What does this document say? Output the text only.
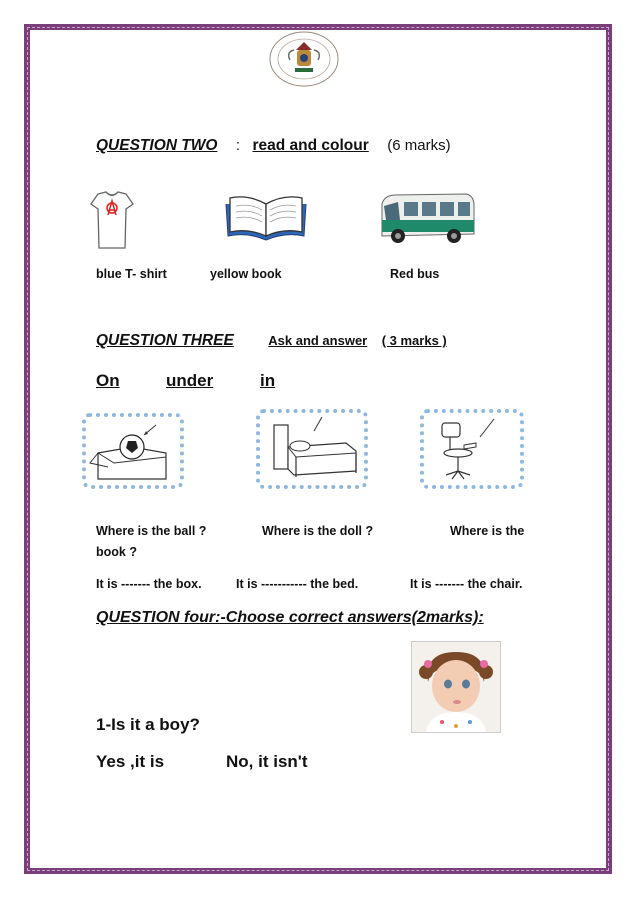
QUESTION TWO : read and colour (6 marks)
blue T- shirt	yellow book	Red bus
QUESTION THREE	Ask and answer ( 3 marks )
On	under	in
Where is the ball ?	Where is the doll ?	Where is the
book ?
It is ------- the box.	It is ----------- the bed.	It is ------- the chair.
QUESTION four:-Choose correct answers(2marks):
1-Is it a boy?
Yes ,it is	No, it isn't
